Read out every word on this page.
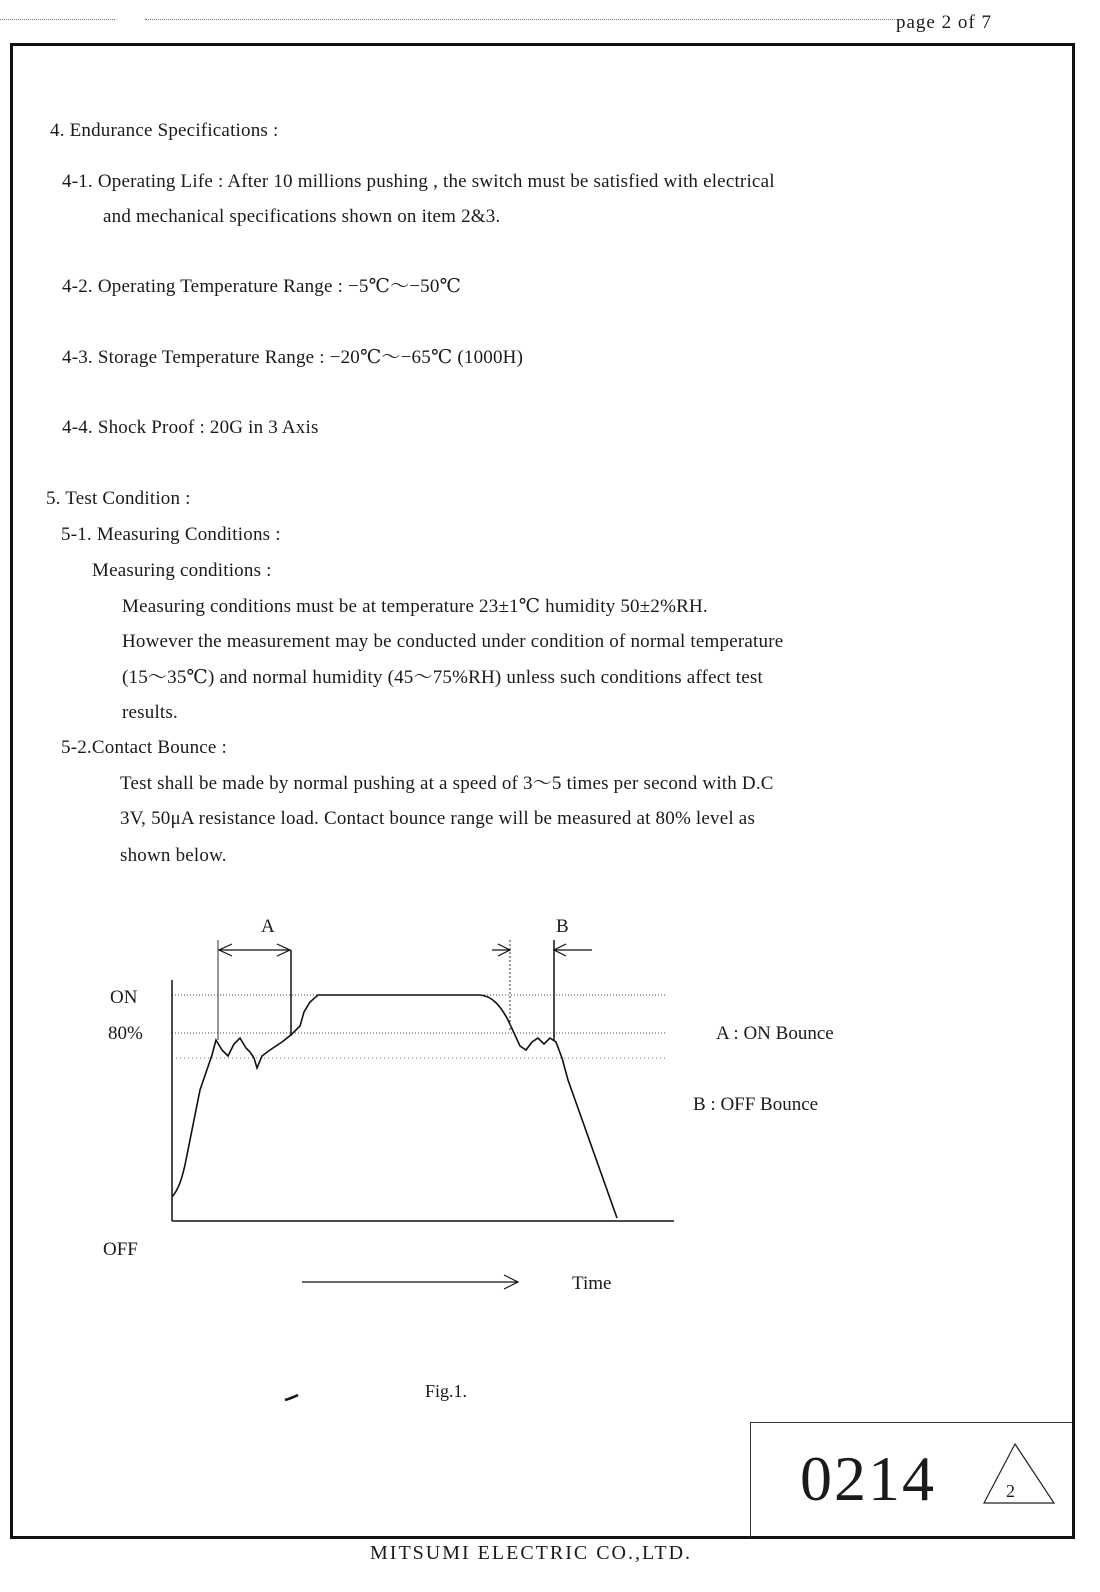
page 2 of 7
4. Endurance Specifications :
4-1. Operating Life : After 10 millions pushing , the switch must be satisfied with electrical
and mechanical specifications shown on item 2&3.
4-2. Operating Temperature Range : −5℃〜−50℃
4-3. Storage Temperature Range : −20℃〜−65℃ (1000H)
4-4. Shock Proof : 20G in 3 Axis
5. Test Condition :
5-1. Measuring Conditions :
Measuring conditions :
Measuring conditions must be at temperature 23±1℃ humidity 50±2%RH.
However the measurement may be conducted under condition of normal temperature
(15〜35℃) and normal humidity (45〜75%RH) unless such conditions affect test
results.
5-2.Contact Bounce :
Test shall be made by normal pushing at a speed of 3〜5 times per second with D.C
3V, 50μA resistance load. Contact bounce range will be measured at 80% level as
shown below.
A	B
ON
80%
OFF
Time
A : ON Bounce
B : OFF Bounce
Fig.1.
2
0214
MITSUMI ELECTRIC CO.,LTD.
